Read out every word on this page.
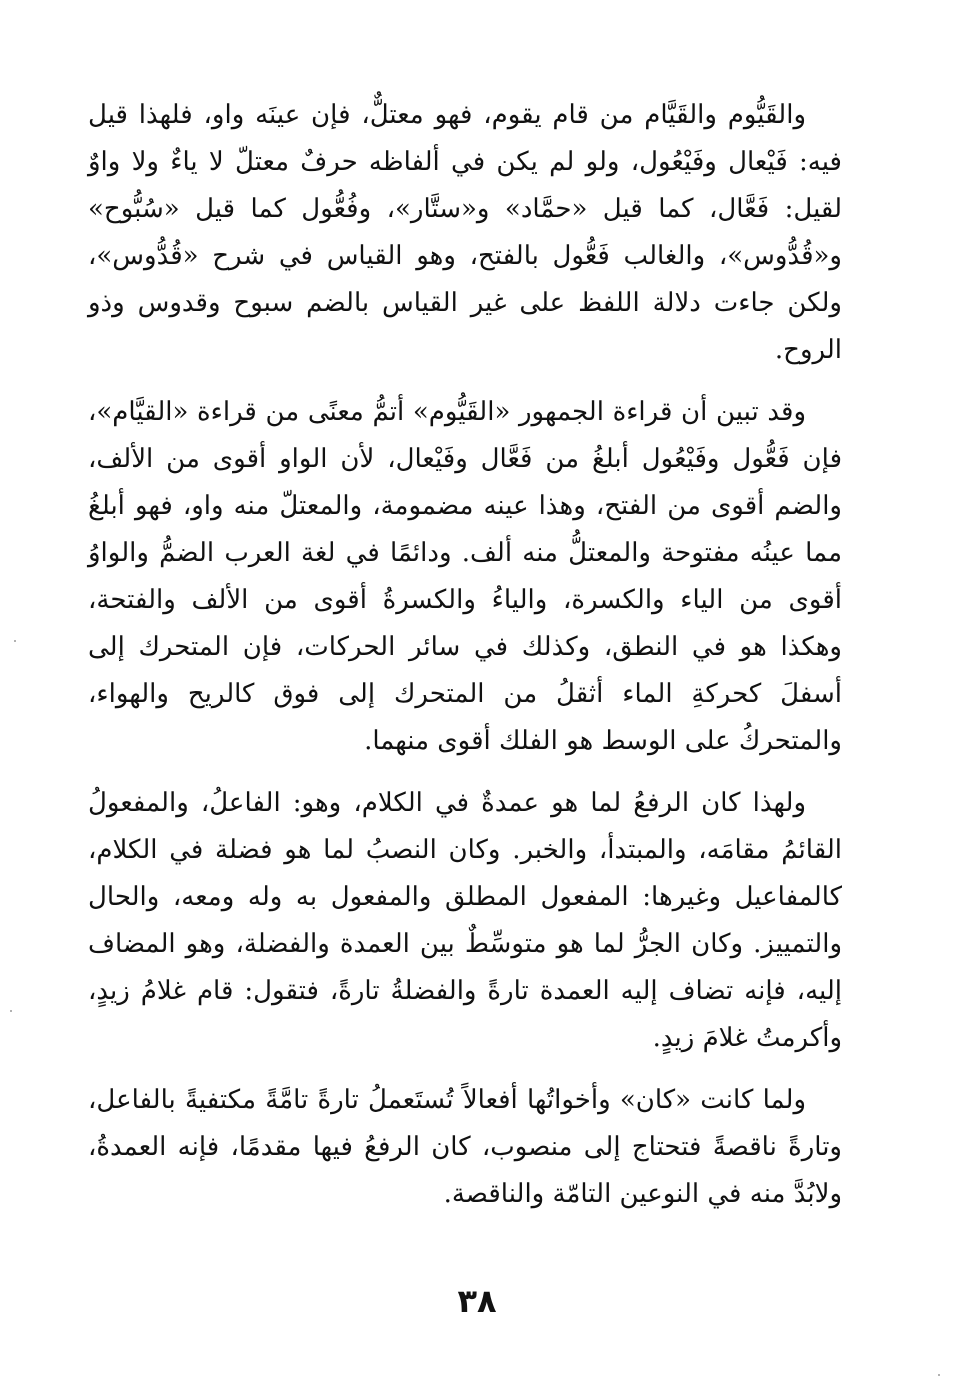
والقَيُّوم والقَيَّام من قام يقوم، فهو معتلٌّ، فإن عينَه واو، فلهذا قيل فيه: فَيْعال وفَيْعُول، ولو لم يكن في ألفاظه حرفٌ معتلّ لا ياءٌ ولا واوٌ لقيل: فَعَّال، كما قيل «حمَّاد» و«ستَّار»، وفُعُّول كما قيل «سُبُّوح» و«قُدُّوس»، والغالب فَعُّول بالفتح، وهو القياس في شرح «قُدُّوس»، ولكن جاءت دلالة اللفظ على غير القياس بالضم سبوح وقدوس وذو الروح.

وقد تبين أن قراءة الجمهور «القَيُّوم» أتمُّ معنًى من قراءة «القيَّام»، فإن فَعُّول وفَيْعُول أبلغُ من فَعَّال وفَيْعال، لأن الواو أقوى من الألف، والضم أقوى من الفتح، وهذا عينه مضمومة، والمعتلّ منه واو، فهو أبلغُ مما عينُه مفتوحة والمعتلُّ منه ألف. ودائمًا في لغة العرب الضمُّ والواوُ أقوى من الياء والكسرة، والياءُ والكسرةُ أقوى من الألف والفتحة، وهكذا هو في النطق، وكذلك في سائر الحركات، فإن المتحرك إلى أسفلَ كحركةِ الماء أثقلُ من المتحرك إلى فوق كالريح والهواء، والمتحركُ على الوسط هو الفلك أقوى منهما.

ولهذا كان الرفعُ لما هو عمدةٌ في الكلام، وهو: الفاعلُ، والمفعولُ القائمُ مقامَه، والمبتدأ، والخبر. وكان النصبُ لما هو فضلة في الكلام، كالمفاعيل وغيرها: المفعول المطلق والمفعول به وله ومعه، والحال والتمييز. وكان الجرُّ لما هو متوسِّطٌ بين العمدة والفضلة، وهو المضاف إليه، فإنه تضاف إليه العمدة تارةً والفضلةُ تارةً، فتقول: قام غلامُ زيدٍ، وأكرمتُ غلامَ زيدٍ.

ولما كانت «كان» وأخواتُها أفعالاً تُستَعملُ تارةً تامَّةً مكتفيةً بالفاعل، وتارةً ناقصةً فتحتاج إلى منصوب، كان الرفعُ فيها مقدمًا، فإنه العمدةُ، ولابُدَّ منه في النوعين التامّة والناقصة.

٣٨
